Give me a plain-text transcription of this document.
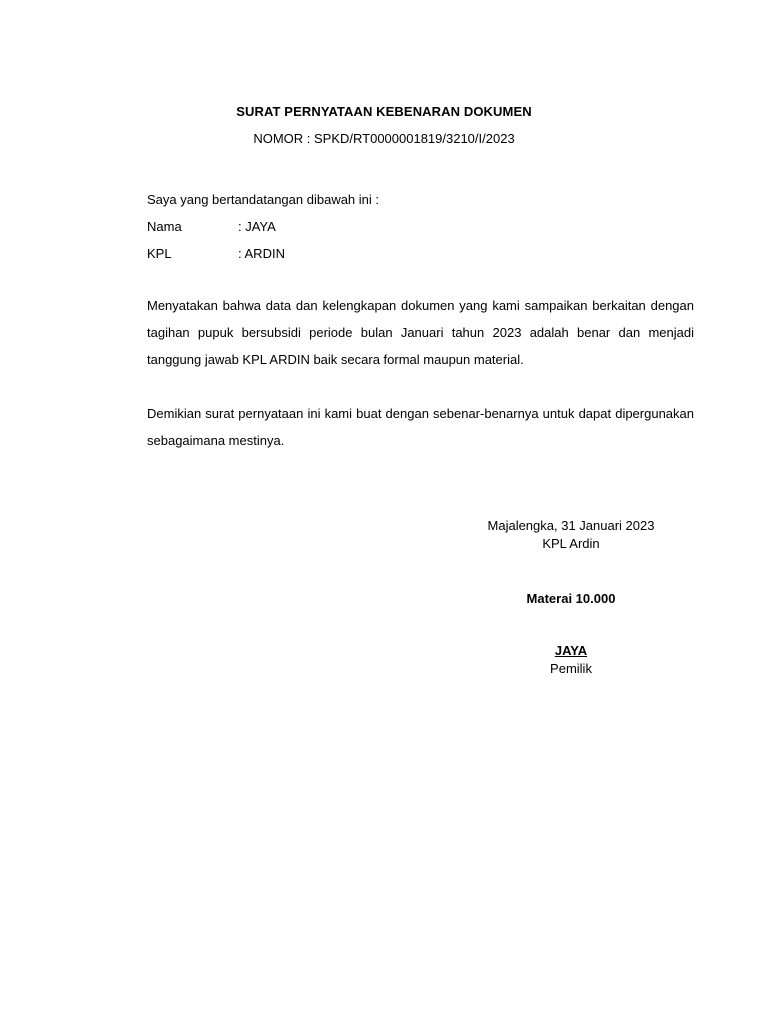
SURAT PERNYATAAN KEBENARAN DOKUMEN
NOMOR : SPKD/RT0000001819/3210/I/2023
Saya yang bertandatangan dibawah ini :
Nama	: JAYA
KPL	: ARDIN
Menyatakan bahwa data dan kelengkapan dokumen yang kami sampaikan berkaitan dengan tagihan pupuk bersubsidi periode bulan Januari tahun 2023 adalah benar dan menjadi tanggung jawab KPL ARDIN baik secara formal maupun material.
Demikian surat pernyataan ini kami buat dengan sebenar-benarnya untuk dapat dipergunakan sebagaimana mestinya.
Majalengka, 31 Januari 2023
KPL Ardin
Materai 10.000
JAYA
Pemilik
